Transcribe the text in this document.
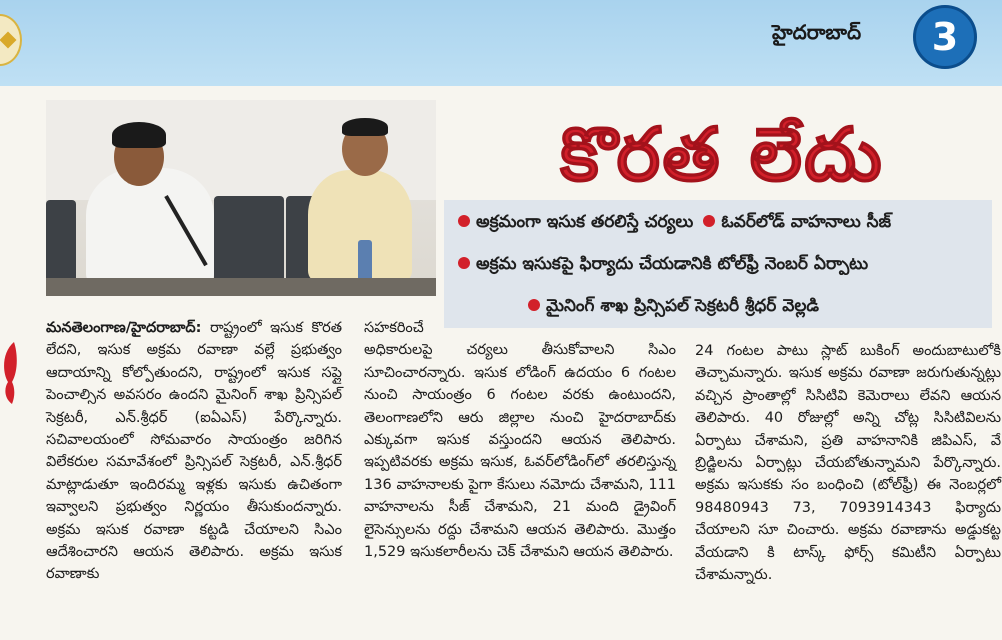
హైదరాబాద్	3
కొరత లేదు
అక్రమంగా ఇసుక తరలిస్తే చర్యలు ఓవర్‌లోడ్ వాహనాలు సీజ్
అక్రమ ఇసుకపై ఫిర్యాదు చేయడానికి టోల్‌ఫ్రీ నెంబర్ ఏర్పాటు
మైనింగ్ శాఖ ప్రిన్సిపల్ సెక్రటరీ శ్రీధర్ వెల్లడి

మనతెలంగాణ/హైదరాబాద్: రాష్ట్రంలో ఇసుక కొరత లేదని, ఇసుక అక్రమ రవాణా వల్లే ప్రభుత్వం ఆదాయాన్ని కోల్పోతుందని, రాష్ట్రంలో ఇసుక సప్లై పెంచాల్సిన అవసరం ఉందని మైనింగ్ శాఖ ప్రిన్సిపల్ సెక్రటరీ, ఎన్.శ్రీధర్ (ఐఏఎస్) పేర్కొన్నారు. సచివాలయంలో సోమవారం సాయంత్రం జరిగిన విలేకరుల సమావేశంలో ప్రిన్సిపల్ సెక్రటరీ, ఎన్.శ్రీధర్ మాట్లాడుతూ ఇందిరమ్మ ఇళ్లకు ఇసుకు ఉచితంగా ఇవ్వాలని ప్రభుత్వం నిర్ణయం తీసుకుందన్నారు. అక్రమ ఇసుక రవాణా కట్టడి చేయాలని సిఎం ఆదేశించారని ఆయన తెలిపారు. అక్రమ ఇసుక రవాణాకు

సహకరించే

అధికారులపై చర్యలు తీసుకోవాలని సిఎం సూచించారన్నారు. ఇసుక లోడింగ్ ఉదయం 6 గంటల నుంచి సాయంత్రం 6 గంటల వరకు ఉంటుందని, తెలంగాణలోని ఆరు జిల్లాల నుంచి హైదరాబాద్‌కు ఎక్కువగా ఇసుక వస్తుందని ఆయన తెలిపారు. ఇప్పటివరకు అక్రమ ఇసుక, ఓవర్‌లోడింగ్‌లో తరలిస్తున్న 136 వాహనాలకు పైగా కేసులు నమోదు చేశామని, 111 వాహనాలను సీజ్ చేశామని, 21 మంది డ్రైవింగ్ లైసెన్సులను రద్దు చేశామని ఆయన తెలిపారు. మొత్తం 1,529 ఇసుకలారీలను చెక్ చేశామని ఆయన తెలిపారు.

24 గంటల పాటు స్లాట్ బుకింగ్ అందుబాటులోకి తెచ్చామన్నారు. ఇసుక అక్రమ రవాణా జరుగుతున్నట్లు వచ్చిన ప్రాంతాల్లో సిసిటివి కెమెరాలు లేవని ఆయన తెలిపారు. 40 రోజుల్లో అన్ని చోట్ల సిసిటివిలను ఏర్పాటు చేశామని, ప్రతి వాహనానికి జిపిఎస్, వే బ్రిడ్జిలను ఏర్పాట్లు చేయబోతున్నామని పేర్కొన్నారు. అక్రమ ఇసుకకు సం బంధించి (టోల్‌ఫ్రీ) ఈ నెంబర్లలో 98480943 73, 7093914343 ఫిర్యాదు చేయాలని సూ చించారు. అక్రమ రవాణాను అడ్డుకట్ట వేయడాని కి టాస్క్ ఫోర్స్ కమిటీని ఏర్పాటు చేశామన్నారు.
